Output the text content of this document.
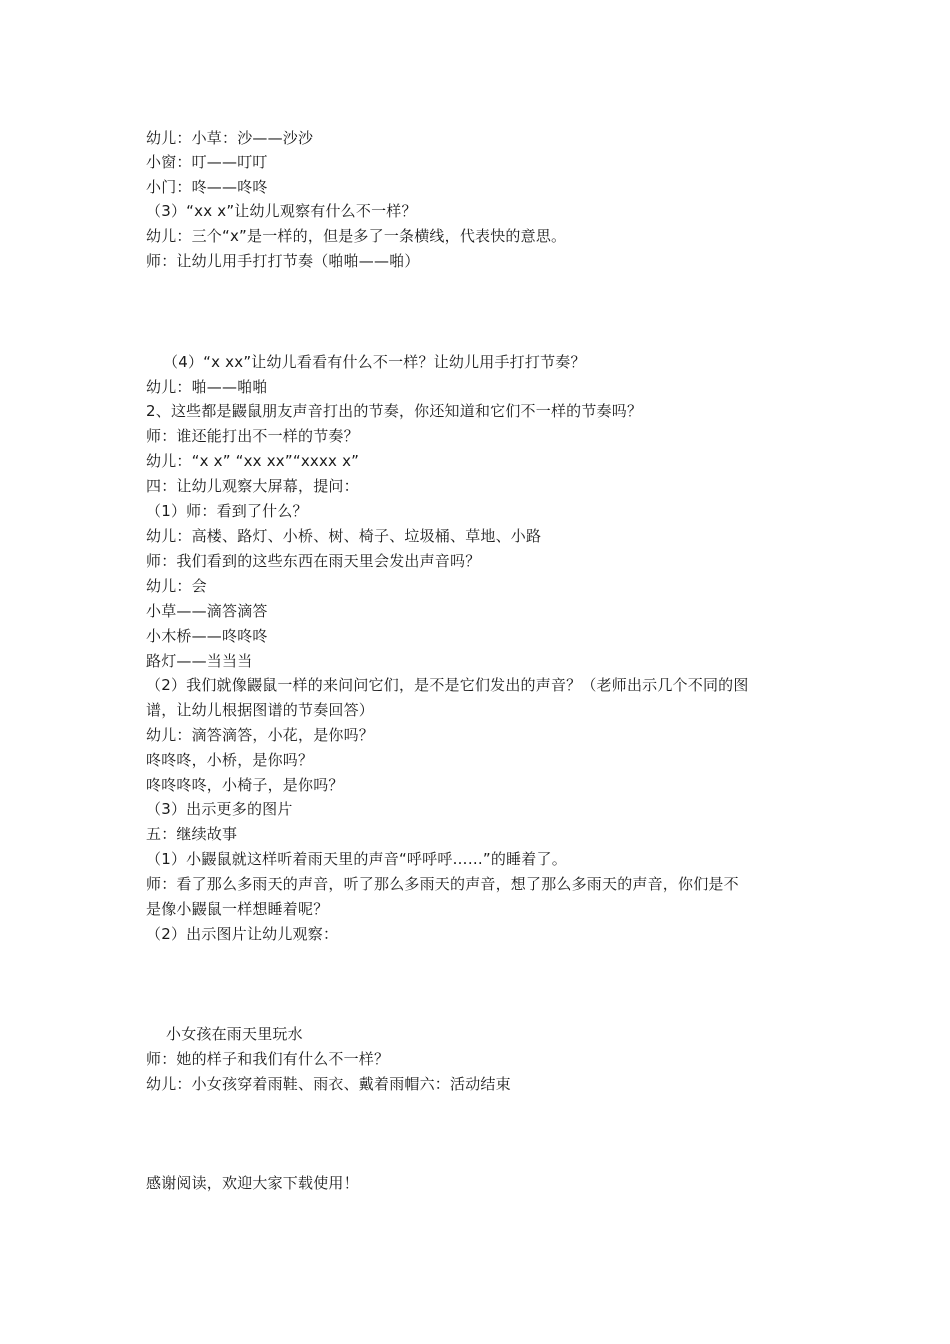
幼儿：小草：沙——沙沙
小窗：叮——叮叮
小门：咚——咚咚
（3）“xx x”让幼儿观察有什么不一样？
幼儿：三个“x”是一样的，但是多了一条横线，代表快的意思。
师：让幼儿用手打打节奏（啪啪——啪）
（4）“x xx”让幼儿看看有什么不一样？让幼儿用手打打节奏？
幼儿：啪——啪啪
2、这些都是鼹鼠朋友声音打出的节奏，你还知道和它们不一样的节奏吗？
师：谁还能打出不一样的节奏？
幼儿：“x x” “xx xx”“xxxx x”
四：让幼儿观察大屏幕，提问：
（1）师：看到了什么？
幼儿：高楼、路灯、小桥、树、椅子、垃圾桶、草地、小路
师：我们看到的这些东西在雨天里会发出声音吗？
幼儿：会
小草——滴答滴答
小木桥——咚咚咚
路灯——当当当
（2）我们就像鼹鼠一样的来问问它们，是不是它们发出的声音？（老师出示几个不同的图
谱，让幼儿根据图谱的节奏回答）
幼儿：滴答滴答，小花，是你吗？
咚咚咚，小桥，是你吗？
咚咚咚咚，小椅子，是你吗？
（3）出示更多的图片
五：继续故事
（1）小鼹鼠就这样听着雨天里的声音“呼呼呼……”的睡着了。
师：看了那么多雨天的声音，听了那么多雨天的声音，想了那么多雨天的声音，你们是不
是像小鼹鼠一样想睡着呢？
（2）出示图片让幼儿观察：
小女孩在雨天里玩水
师：她的样子和我们有什么不一样？
幼儿：小女孩穿着雨鞋、雨衣、戴着雨帽六：活动结束
感谢阅读，欢迎大家下载使用！
